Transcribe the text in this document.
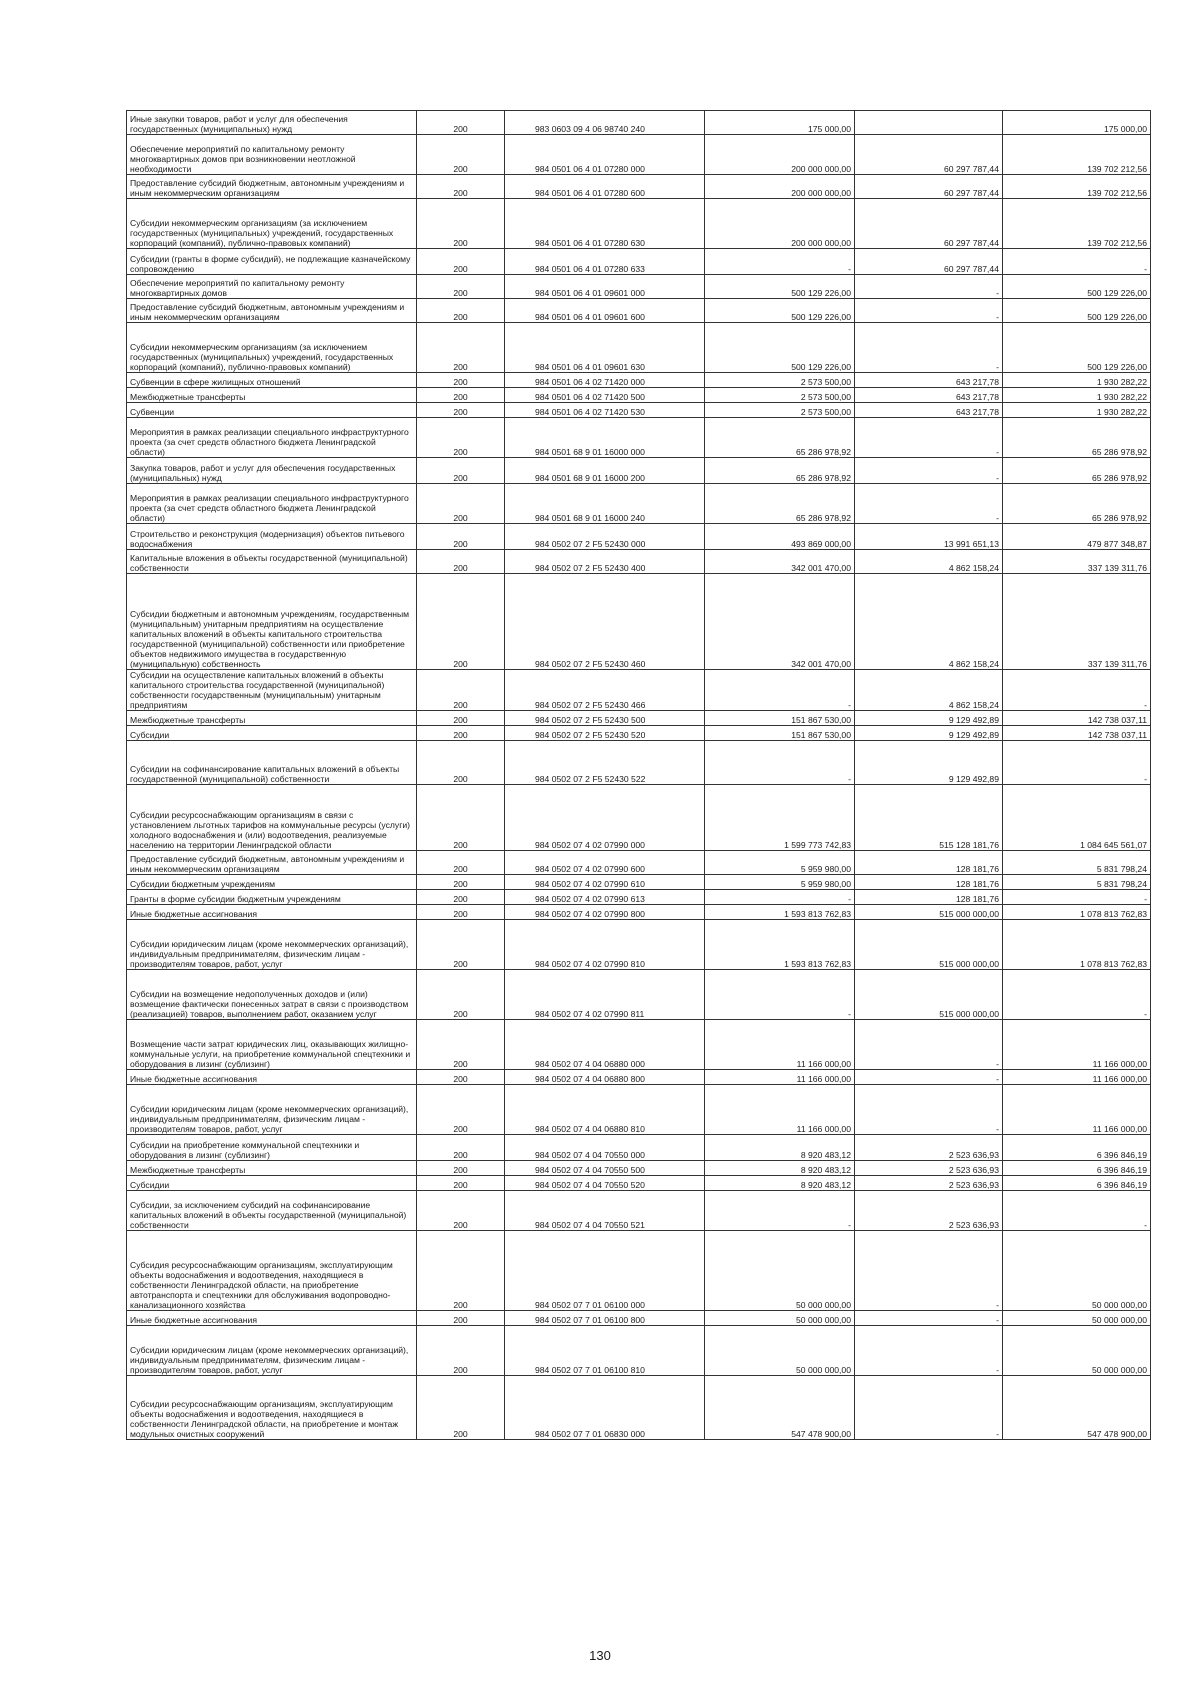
Иные закупки товаров, работ и услуг для обеспечения государственных (муниципальных) нужд	200	983 0603 09 4 06 98740 240	175 000,00		175 000,00
Обеспечение мероприятий по капитальному ремонту многоквартирных домов при возникновении неотложной необходимости	200	984 0501 06 4 01 07280 000	200 000 000,00	60 297 787,44	139 702 212,56
Предоставление субсидий бюджетным, автономным учреждениям и иным некоммерческим организациям	200	984 0501 06 4 01 07280 600	200 000 000,00	60 297 787,44	139 702 212,56
Субсидии некоммерческим организациям (за исключением государственных (муниципальных) учреждений, государственных корпораций (компаний), публично-правовых компаний)	200	984 0501 06 4 01 07280 630	200 000 000,00	60 297 787,44	139 702 212,56
Субсидии (гранты в форме субсидий), не подлежащие казначейскому сопровождению	200	984 0501 06 4 01 07280 633	-	60 297 787,44	-
Обеспечение мероприятий по капитальному ремонту многоквартирных домов	200	984 0501 06 4 01 09601 000	500 129 226,00	-	500 129 226,00
Предоставление субсидий бюджетным, автономным учреждениям и иным некоммерческим организациям	200	984 0501 06 4 01 09601 600	500 129 226,00	-	500 129 226,00
Субсидии некоммерческим организациям (за исключением государственных (муниципальных) учреждений, государственных корпораций (компаний), публично-правовых компаний)	200	984 0501 06 4 01 09601 630	500 129 226,00	-	500 129 226,00
Субвенции в сфере жилищных отношений	200	984 0501 06 4 02 71420 000	2 573 500,00	643 217,78	1 930 282,22
Межбюджетные трансферты	200	984 0501 06 4 02 71420 500	2 573 500,00	643 217,78	1 930 282,22
Субвенции	200	984 0501 06 4 02 71420 530	2 573 500,00	643 217,78	1 930 282,22
Мероприятия в рамках реализации специального инфраструктурного проекта (за счет средств областного бюджета Ленинградской области)	200	984 0501 68 9 01 16000 000	65 286 978,92	-	65 286 978,92
Закупка товаров, работ и услуг для обеспечения государственных (муниципальных) нужд	200	984 0501 68 9 01 16000 200	65 286 978,92	-	65 286 978,92
Мероприятия в рамках реализации специального инфраструктурного проекта (за счет средств областного бюджета Ленинградской области)	200	984 0501 68 9 01 16000 240	65 286 978,92	-	65 286 978,92
Строительство и реконструкция (модернизация) объектов питьевого водоснабжения	200	984 0502 07 2 F5 52430 000	493 869 000,00	13 991 651,13	479 877 348,87
Капитальные вложения в объекты государственной (муниципальной) собственности	200	984 0502 07 2 F5 52430 400	342 001 470,00	4 862 158,24	337 139 311,76
Субсидии бюджетным и автономным учреждениям, государственным (муниципальным) унитарным предприятиям на осуществление капитальных вложений в объекты капитального строительства государственной (муниципальной) собственности или приобретение объектов недвижимого имущества в государственную (муниципальную) собственность	200	984 0502 07 2 F5 52430 460	342 001 470,00	4 862 158,24	337 139 311,76
Субсидии на осуществление капитальных вложений в объекты капитального строительства государственной (муниципальной) собственности государственным (муниципальным) унитарным предприятиям	200	984 0502 07 2 F5 52430 466	-	4 862 158,24	-
Межбюджетные трансферты	200	984 0502 07 2 F5 52430 500	151 867 530,00	9 129 492,89	142 738 037,11
Субсидии	200	984 0502 07 2 F5 52430 520	151 867 530,00	9 129 492,89	142 738 037,11
Субсидии на софинансирование капитальных вложений в объекты государственной (муниципальной) собственности	200	984 0502 07 2 F5 52430 522	-	9 129 492,89	-
Субсидии ресурсоснабжающим организациям в связи с установлением льготных тарифов на коммунальные ресурсы (услуги) холодного водоснабжения и (или) водоотведения, реализуемые населению на территории Ленинградской области	200	984 0502 07 4 02 07990 000	1 599 773 742,83	515 128 181,76	1 084 645 561,07
Предоставление субсидий бюджетным, автономным учреждениям и иным некоммерческим организациям	200	984 0502 07 4 02 07990 600	5 959 980,00	128 181,76	5 831 798,24
Субсидии бюджетным учреждениям	200	984 0502 07 4 02 07990 610	5 959 980,00	128 181,76	5 831 798,24
Гранты в форме субсидии бюджетным учреждениям	200	984 0502 07 4 02 07990 613	-	128 181,76	-
Иные бюджетные ассигнования	200	984 0502 07 4 02 07990 800	1 593 813 762,83	515 000 000,00	1 078 813 762,83
Субсидии юридическим лицам (кроме некоммерческих организаций), индивидуальным предпринимателям, физическим лицам - производителям товаров, работ, услуг	200	984 0502 07 4 02 07990 810	1 593 813 762,83	515 000 000,00	1 078 813 762,83
Субсидии на возмещение недополученных доходов и (или) возмещение фактически понесенных затрат в связи с производством (реализацией) товаров, выполнением работ, оказанием услуг	200	984 0502 07 4 02 07990 811	-	515 000 000,00	-
Возмещение части затрат юридических лиц, оказывающих жилищно-коммунальные услуги, на приобретение коммунальной спецтехники и оборудования в лизинг (сублизинг)	200	984 0502 07 4 04 06880 000	11 166 000,00	-	11 166 000,00
Иные бюджетные ассигнования	200	984 0502 07 4 04 06880 800	11 166 000,00	-	11 166 000,00
Субсидии юридическим лицам (кроме некоммерческих организаций), индивидуальным предпринимателям, физическим лицам - производителям товаров, работ, услуг	200	984 0502 07 4 04 06880 810	11 166 000,00	-	11 166 000,00
Субсидии на приобретение коммунальной спецтехники и оборудования в лизинг (сублизинг)	200	984 0502 07 4 04 70550 000	8 920 483,12	2 523 636,93	6 396 846,19
Межбюджетные трансферты	200	984 0502 07 4 04 70550 500	8 920 483,12	2 523 636,93	6 396 846,19
Субсидии	200	984 0502 07 4 04 70550 520	8 920 483,12	2 523 636,93	6 396 846,19
Субсидии, за исключением субсидий на софинансирование капитальных вложений в объекты государственной (муниципальной) собственности	200	984 0502 07 4 04 70550 521	-	2 523 636,93	-
Субсидия ресурсоснабжающим организациям, эксплуатирующим объекты водоснабжения и водоотведения, находящиеся в собственности Ленинградской области, на приобретение автотранспорта и спецтехники для обслуживания водопроводно-канализационного хозяйства	200	984 0502 07 7 01 06100 000	50 000 000,00	-	50 000 000,00
Иные бюджетные ассигнования	200	984 0502 07 7 01 06100 800	50 000 000,00	-	50 000 000,00
Субсидии юридическим лицам (кроме некоммерческих организаций), индивидуальным предпринимателям, физическим лицам - производителям товаров, работ, услуг	200	984 0502 07 7 01 06100 810	50 000 000,00	-	50 000 000,00
Субсидии ресурсоснабжающим организациям, эксплуатирующим объекты водоснабжения и водоотведения, находящиеся в собственности Ленинградской области, на приобретение и монтаж модульных очистных сооружений	200	984 0502 07 7 01 06830 000	547 478 900,00	-	547 478 900,00
130
